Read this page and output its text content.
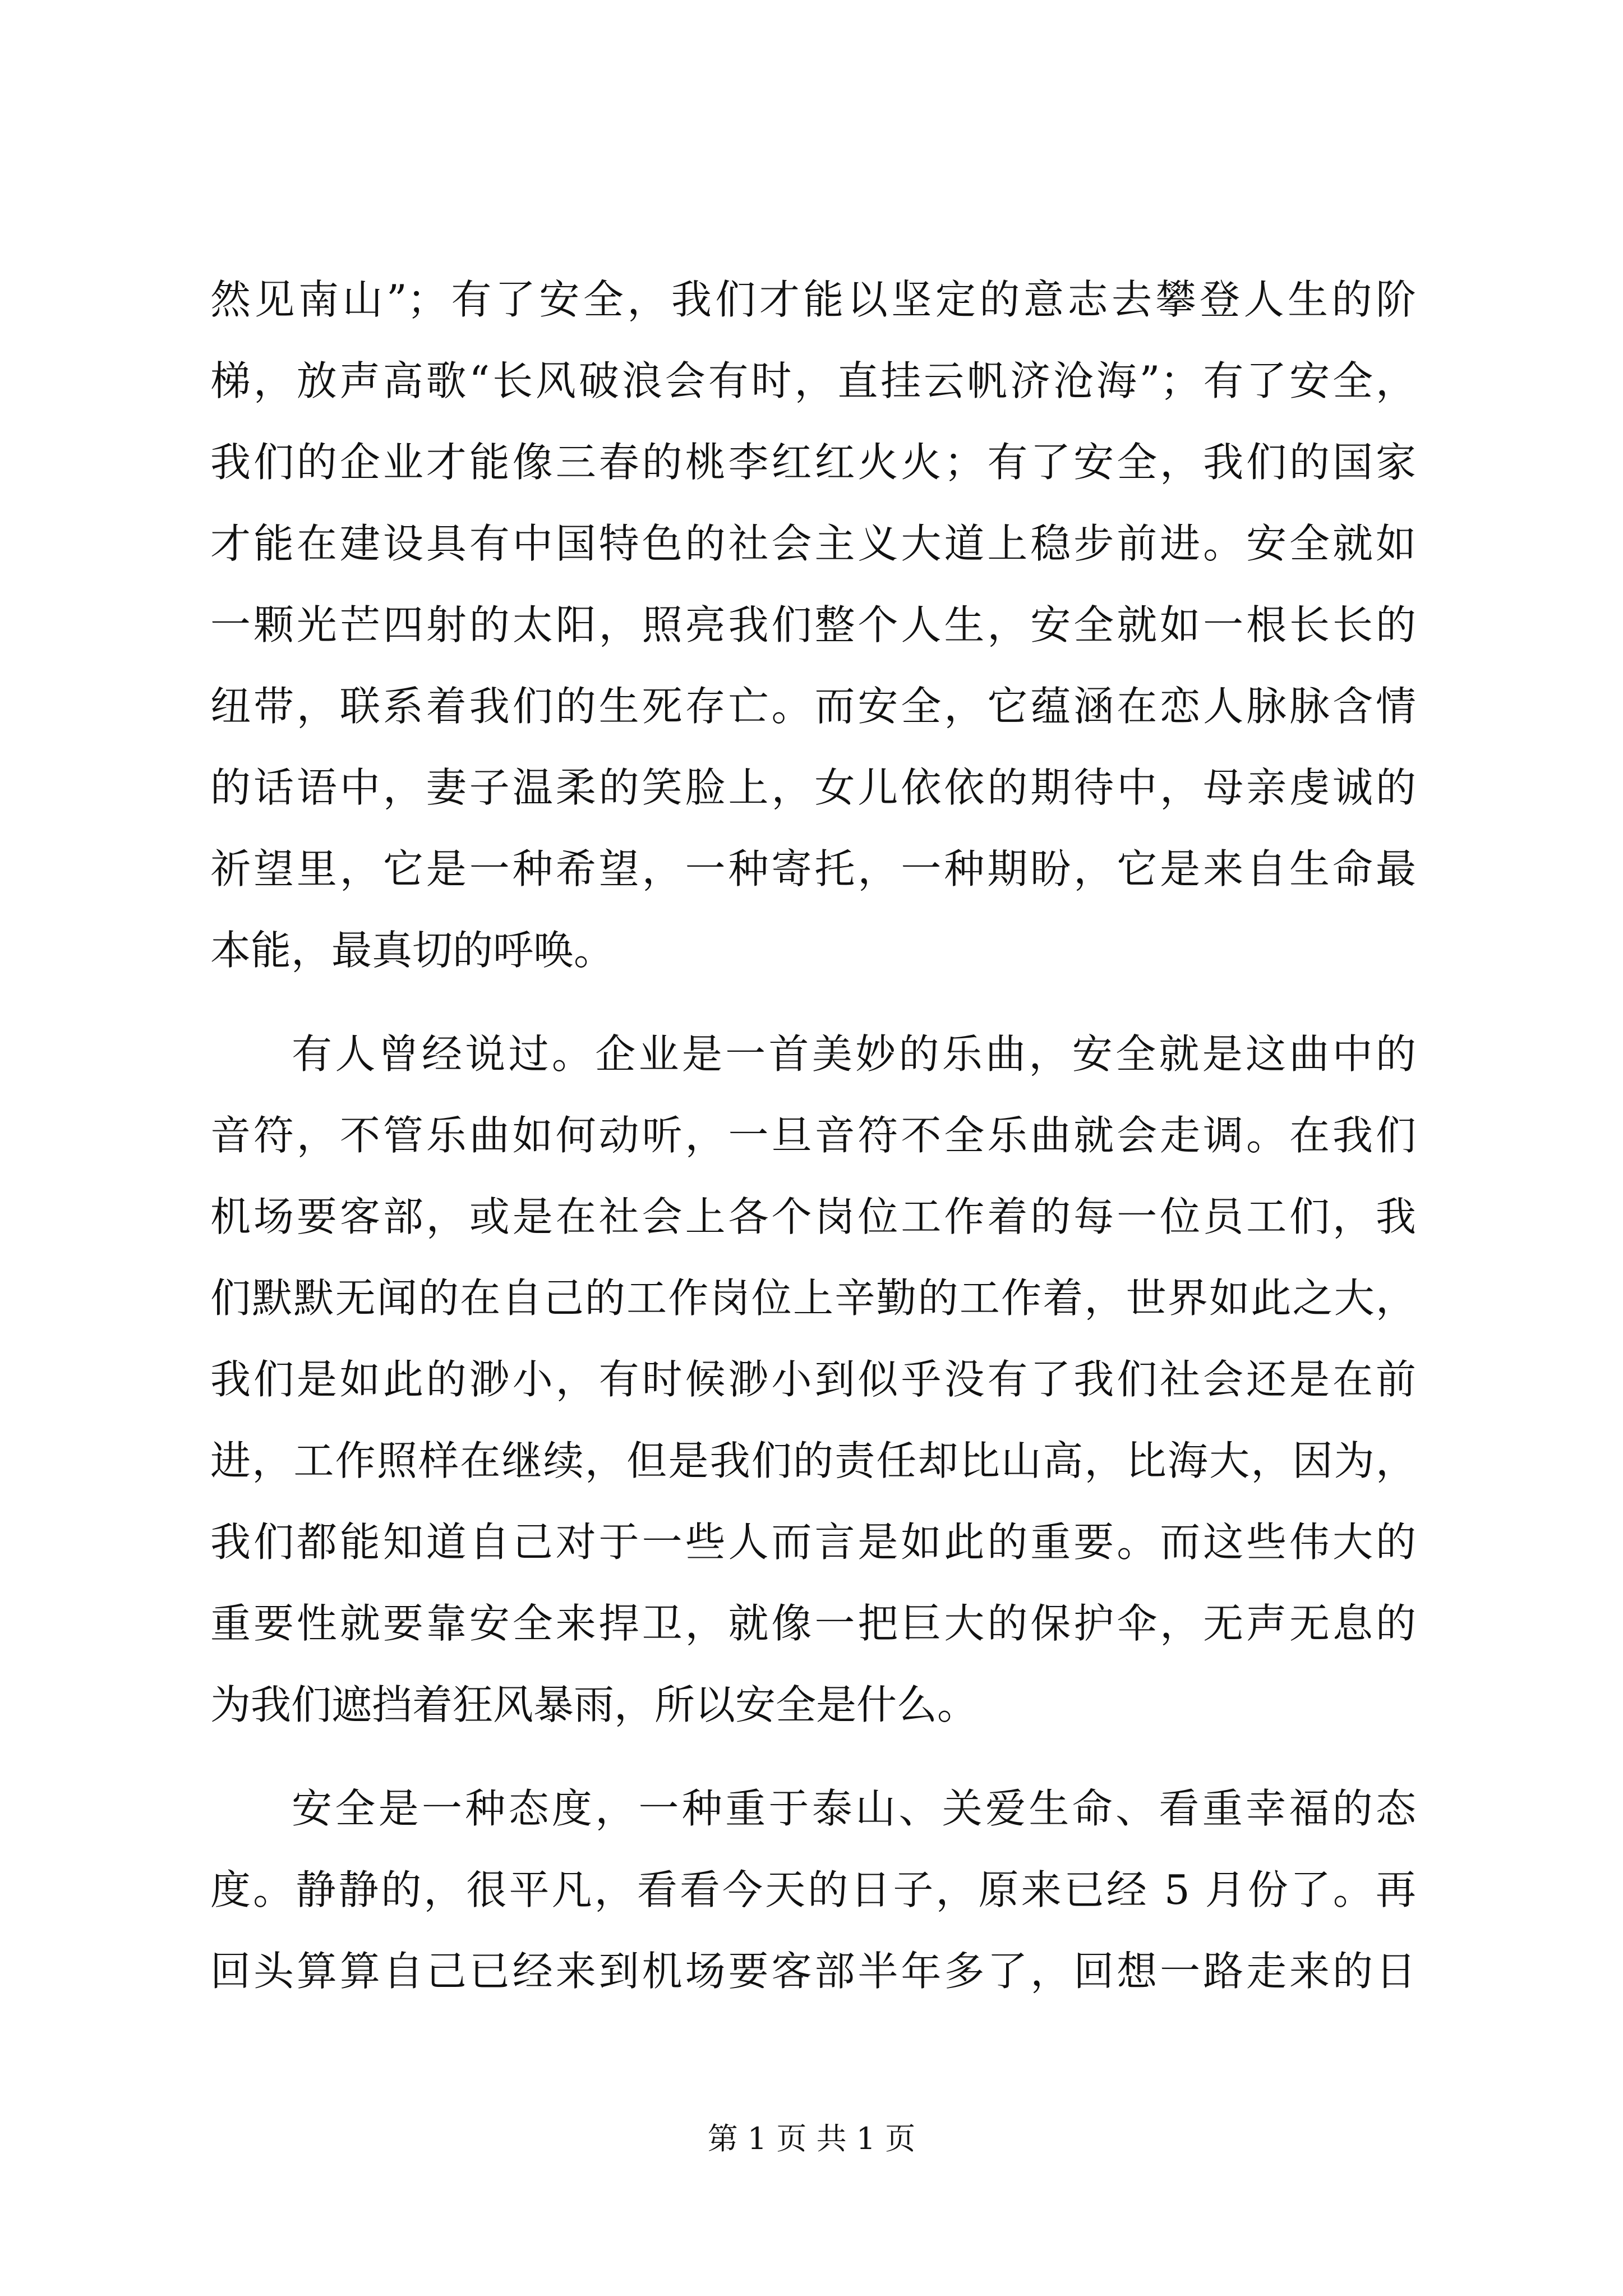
然见南山”；有了安全，我们才能以坚定的意志去攀登人生的阶
梯，放声高歌“长风破浪会有时，直挂云帆济沧海”；有了安全，
我们的企业才能像三春的桃李红红火火；有了安全，我们的国家
才能在建设具有中国特色的社会主义大道上稳步前进。安全就如
一颗光芒四射的太阳，照亮我们整个人生，安全就如一根长长的
纽带，联系着我们的生死存亡。而安全，它蕴涵在恋人脉脉含情
的话语中，妻子温柔的笑脸上，女儿依依的期待中，母亲虔诚的
祈望里，它是一种希望，一种寄托，一种期盼，它是来自生命最
本能，最真切的呼唤。
有人曾经说过。企业是一首美妙的乐曲，安全就是这曲中的
音符，不管乐曲如何动听，一旦音符不全乐曲就会走调。在我们
机场要客部，或是在社会上各个岗位工作着的每一位员工们，我
们默默无闻的在自己的工作岗位上辛勤的工作着，世界如此之大，
我们是如此的渺小，有时候渺小到似乎没有了我们社会还是在前
进，工作照样在继续，但是我们的责任却比山高，比海大，因为，
我们都能知道自己对于一些人而言是如此的重要。而这些伟大的
重要性就要靠安全来捍卫，就像一把巨大的保护伞，无声无息的
为我们遮挡着狂风暴雨，所以安全是什么。
安全是一种态度，一种重于泰山、关爱生命、看重幸福的态
度。静静的，很平凡，看看今天的日子，原来已经 5 月份了。再
回头算算自己已经来到机场要客部半年多了，回想一路走来的日
第 1 页 共 1 页
